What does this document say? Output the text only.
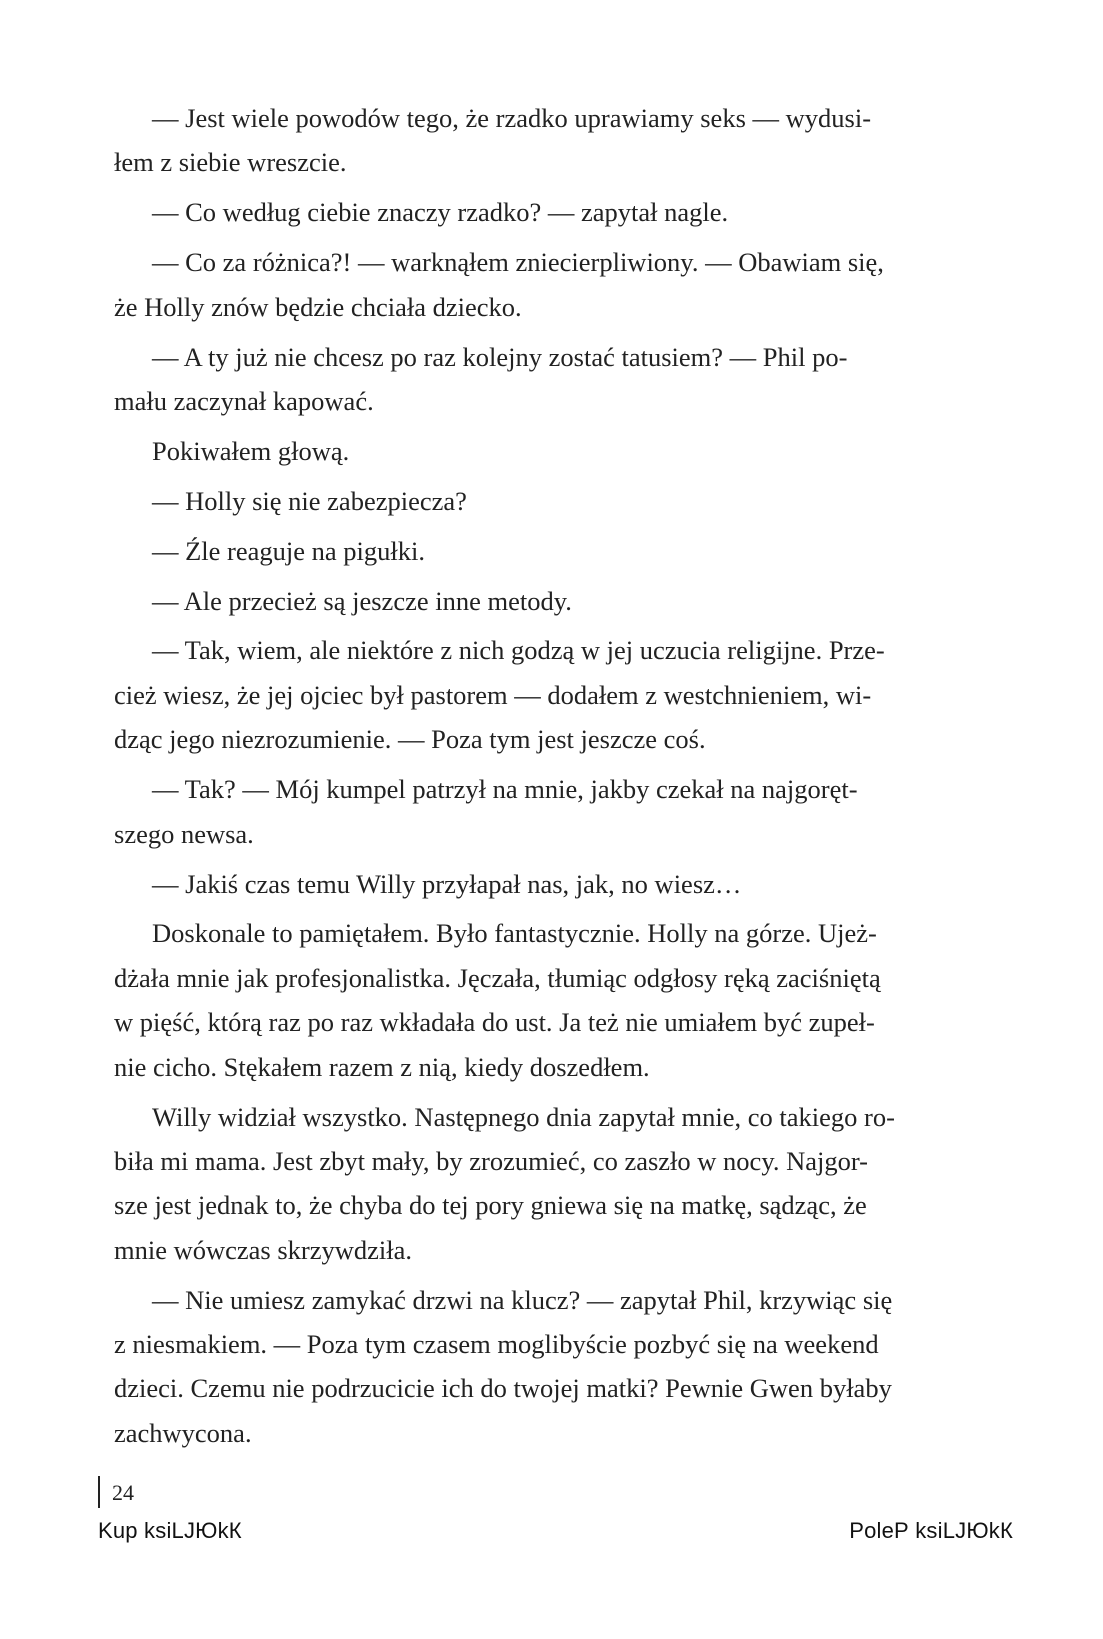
— Jest wiele powodów tego, że rzadko uprawiamy seks — wydusi-
łem z siebie wreszcie.

— Co według ciebie znaczy rzadko? — zapytał nagle.

— Co za różnica?! — warknąłem zniecierpliwiony. — Obawiam się,
że Holly znów będzie chciała dziecko.

— A ty już nie chcesz po raz kolejny zostać tatusiem? — Phil po-
mału zaczynał kapować.

Pokiwałem głową.

— Holly się nie zabezpiecza?

— Źle reaguje na pigułki.

— Ale przecież są jeszcze inne metody.

— Tak, wiem, ale niektóre z nich godzą w jej uczucia religijne. Prze-
cież wiesz, że jej ojciec był pastorem — dodałem z westchnieniem, wi-
dząc jego niezrozumienie. — Poza tym jest jeszcze coś.

— Tak? — Mój kumpel patrzył na mnie, jakby czekał na najgoręt-
szego newsa.

— Jakiś czas temu Willy przyłapał nas, jak, no wiesz…

Doskonale to pamiętałem. Było fantastycznie. Holly na górze. Ujeż-
dżała mnie jak profesjonalistka. Jęczała, tłumiąc odgłosy ręką zaciśniętą
w pięść, którą raz po raz wkładała do ust. Ja też nie umiałem być zupeł-
nie cicho. Stękałem razem z nią, kiedy doszedłem.

Willy widział wszystko. Następnego dnia zapytał mnie, co takiego ro-
biła mi mama. Jest zbyt mały, by zrozumieć, co zaszło w nocy. Najgor-
sze jest jednak to, że chyba do tej pory gniewa się na matkę, sądząc, że
mnie wówczas skrzywdziła.

— Nie umiesz zamykać drzwi na klucz? — zapytał Phil, krzywiąc się
z niesmakiem. — Poza tym czasem moglibyście pozbyć się na weekend
dzieci. Czemu nie podrzucicie ich do twojej matki? Pewnie Gwen byłaby
zachwycona.

24
Kup ksiLЈЮkК	PoleР ksiLЈЮkК
